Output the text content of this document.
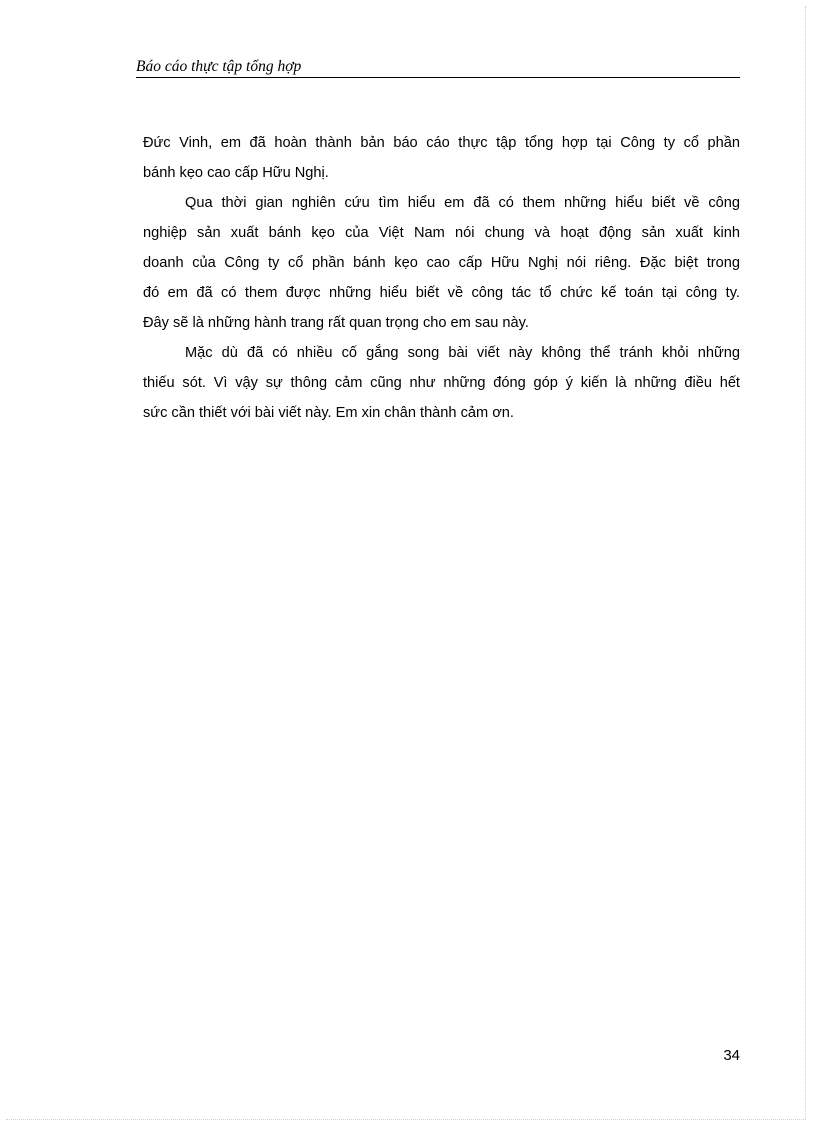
Báo cáo thực tập tổng hợp
Đức Vinh, em đã hoàn thành bản báo cáo thực tập tổng hợp tại Công ty cổ phần
bánh kẹo cao cấp Hữu Nghị.
Qua thời gian nghiên cứu tìm hiểu em đã có them những hiểu biết về công
nghiệp sản xuất bánh kẹo của Việt Nam nói chung và hoạt động sản xuất kinh
doanh của Công ty cổ phần bánh kẹo cao cấp Hữu Nghị nói riêng. Đặc biệt trong
đó em đã có them được những hiểu biết về công tác tổ chức kế toán tại công ty.
Đây sẽ là những hành trang rất quan trọng cho em sau này.
Mặc dù đã có nhiều cố gắng song bài viết này không thể tránh khỏi những
thiếu sót. Vì vậy sự thông cảm cũng như những đóng góp ý kiến là những điều hết
sức cần thiết với bài viết này. Em xin chân thành cảm ơn.
34
